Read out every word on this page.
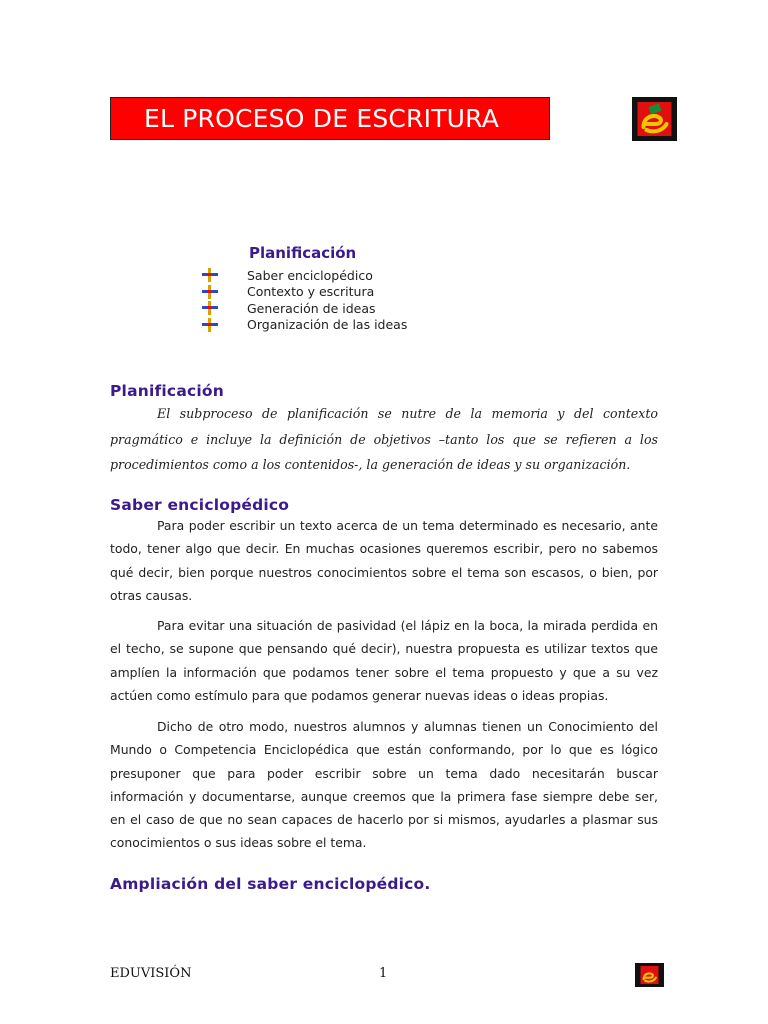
EL PROCESO DE ESCRITURA
Planificación
Saber enciclopédico
Contexto y escritura
Generación de ideas
Organización de las ideas
Planificación

El subproceso de planificación se nutre de la memoria y del contexto pragmático e incluye la definición de objetivos –tanto los que se refieren a los procedimientos como a los contenidos-, la generación de ideas y su organización.

Saber enciclopédico

Para poder escribir un texto acerca de un tema determinado es necesario, ante todo, tener algo que decir. En muchas ocasiones queremos escribir, pero no sabemos qué decir, bien porque nuestros conocimientos sobre el tema son escasos, o bien, por otras causas.

Para evitar una situación de pasividad (el lápiz en la boca, la mirada perdida en el techo, se supone que pensando qué decir), nuestra propuesta es utilizar textos que amplíen la información que podamos tener sobre el tema propuesto y que a su vez actúen como estímulo para que podamos generar nuevas ideas o ideas propias.

Dicho de otro modo, nuestros alumnos y alumnas tienen un Conocimiento del Mundo o Competencia Enciclopédica que están conformando, por lo que es lógico presuponer que para poder escribir sobre un tema dado necesitarán buscar información y documentarse, aunque creemos que la primera fase siempre debe ser, en el caso de que no sean capaces de hacerlo por si mismos, ayudarles a plasmar sus conocimientos o sus ideas sobre el tema.

Ampliación del saber enciclopédico.
EDUVISIÓN	1
